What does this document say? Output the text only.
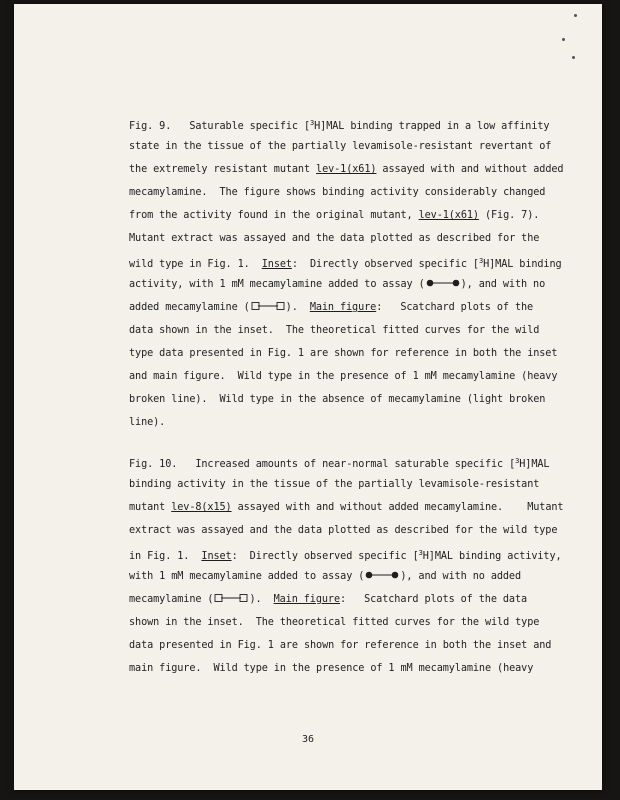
Fig. 9.   Saturable specific [$^3$H]MAL binding trapped in a low affinity
state in the tissue of the partially levamisole-resistant revertant of
the extremely resistant mutant lev-1(x61) assayed with and without added
mecamylamine.  The figure shows binding activity considerably changed
from the activity found in the original mutant, lev-1(x61) (Fig. 7).
Mutant extract was assayed and the data plotted as described for the
wild type in Fig. 1.  Inset:  Directly observed specific [$^3$H]MAL binding
activity, with 1 mM mecamylamine added to assay (	), and with no
added mecamylamine (	).  Main figure:   Scatchard plots of the
data shown in the inset.  The theoretical fitted curves for the wild
type data presented in Fig. 1 are shown for reference in both the inset
and main figure.  Wild type in the presence of 1 mM mecamylamine (heavy
broken line).  Wild type in the absence of mecamylamine (light broken
line).
Fig. 10.   Increased amounts of near-normal saturable specific [$^3$H]MAL
binding activity in the tissue of the partially levamisole-resistant
mutant lev-8(x15) assayed with and without added mecamylamine.    Mutant
extract was assayed and the data plotted as described for the wild type
in Fig. 1.  Inset:  Directly observed specific [$^3$H]MAL binding activity,
with 1 mM mecamylamine added to assay (	), and with no added
mecamylamine (	).  Main figure:   Scatchard plots of the data
shown in the inset.  The theoretical fitted curves for the wild type
data presented in Fig. 1 are shown for reference in both the inset and
main figure.  Wild type in the presence of 1 mM mecamylamine (heavy
36
